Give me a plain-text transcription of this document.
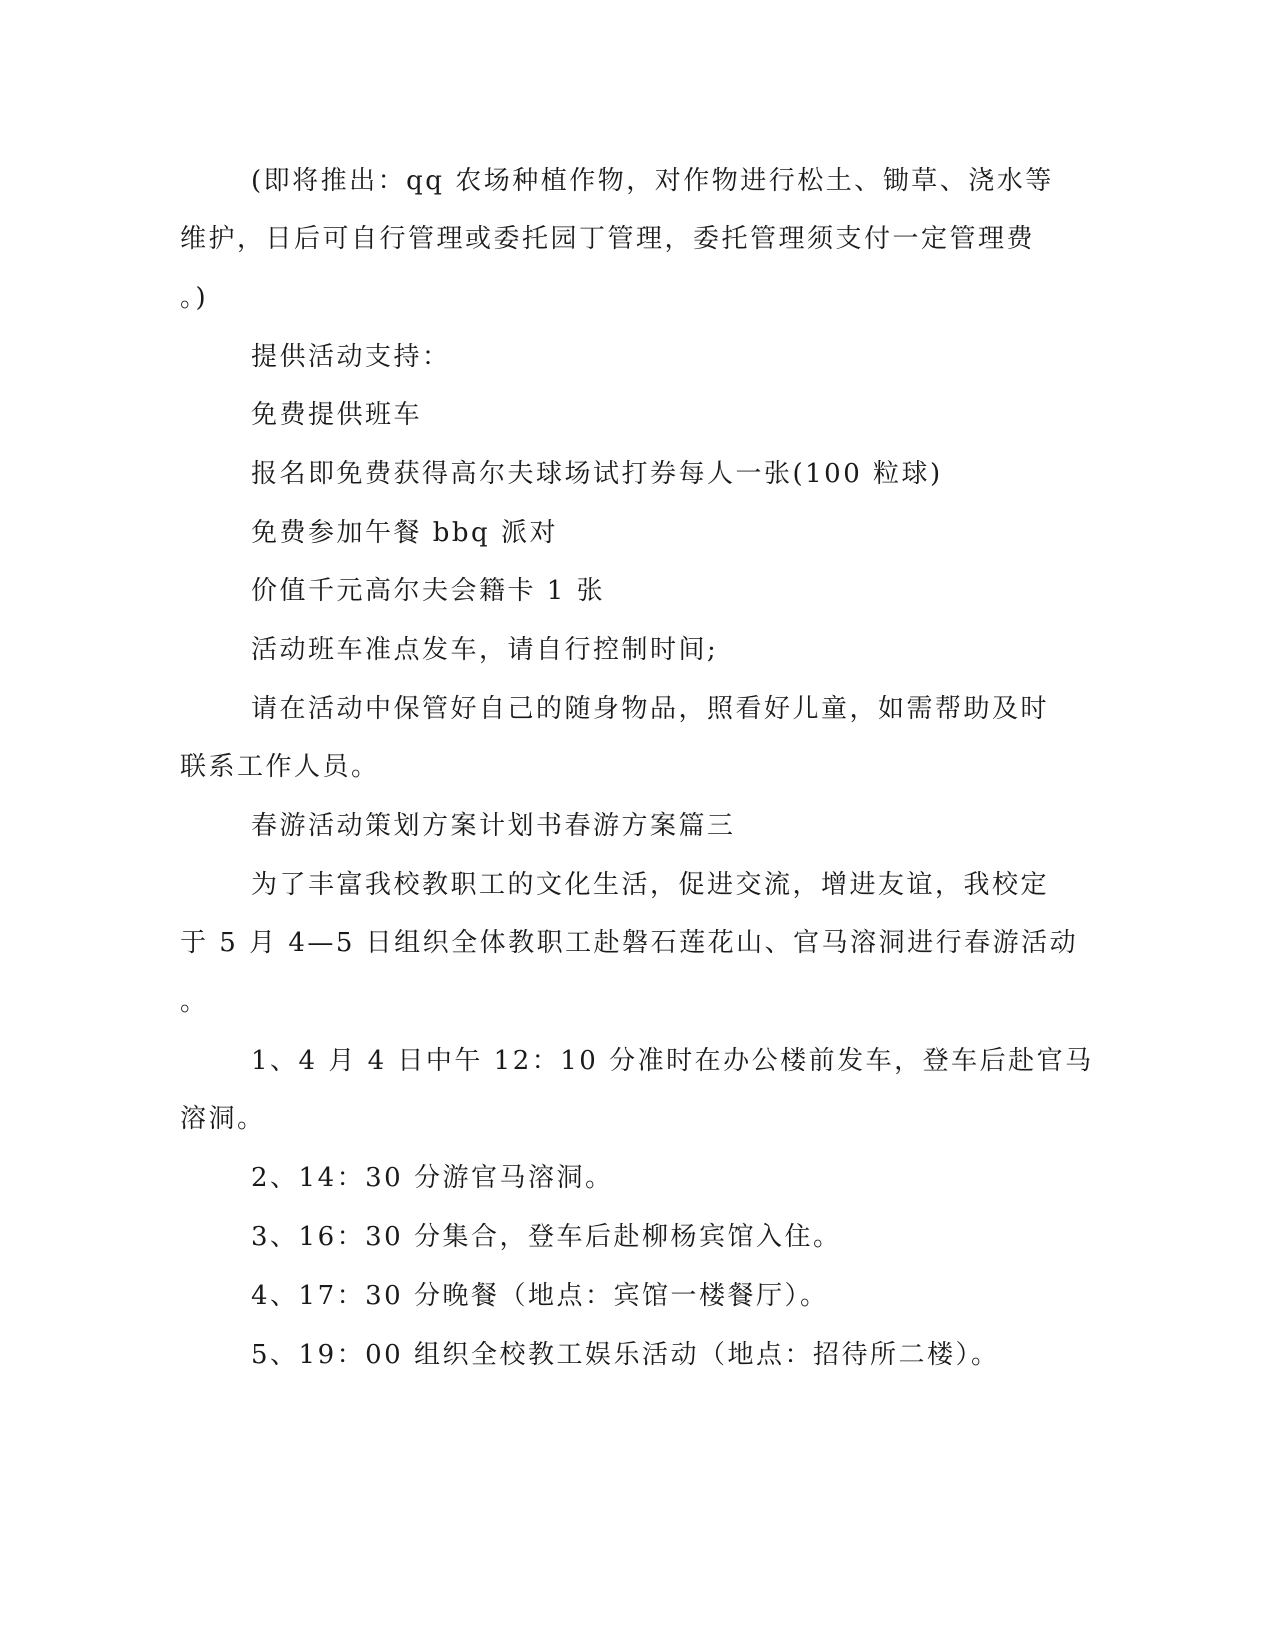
(即将推出：qq 农场种植作物，对作物进行松土、锄草、浇水等
维护，日后可自行管理或委托园丁管理，委托管理须支付一定管理费
。)
提供活动支持：
免费提供班车
报名即免费获得高尔夫球场试打券每人一张(100 粒球)
免费参加午餐 bbq 派对
价值千元高尔夫会籍卡 1 张
活动班车准点发车，请自行控制时间;
请在活动中保管好自己的随身物品，照看好儿童，如需帮助及时
联系工作人员。
春游活动策划方案计划书春游方案篇三
为了丰富我校教职工的文化生活，促进交流，增进友谊，我校定
于 5 月 4—5 日组织全体教职工赴磐石莲花山、官马溶洞进行春游活动
。
1、4 月 4 日中午 12：10 分准时在办公楼前发车，登车后赴官马
溶洞。
2、14：30 分游官马溶洞。
3、16：30 分集合，登车后赴柳杨宾馆入住。
4、17：30 分晚餐（地点：宾馆一楼餐厅）。
5、19：00 组织全校教工娱乐活动（地点：招待所二楼）。
